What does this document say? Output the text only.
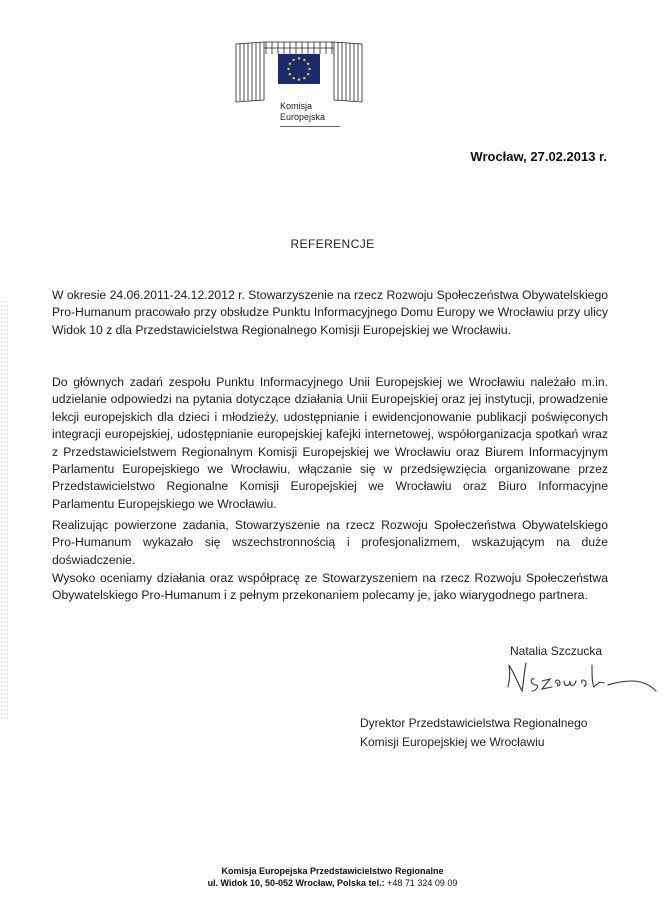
Komisja
Europejska
Wrocław, 27.02.2013 r.
REFERENCJE

W okresie 24.06.2011-24.12.2012 r. Stowarzyszenie na rzecz Rozwoju Społeczeństwa Obywatelskiego Pro-Humanum pracowało przy obsłudze Punktu Informacyjnego Domu Europy we Wrocławiu przy ulicy Widok 10 z dla Przedstawicielstwa Regionalnego Komisji Europejskiej we Wrocławiu.

Do głównych zadań zespołu Punktu Informacyjnego Unii Europejskiej we Wrocławiu należało m.in. udzielanie odpowiedzi na pytania dotyczące działania Unii Europejskiej oraz jej instytucji, prowadzenie lekcji europejskich dla dzieci i młodzieży, udostępnianie i ewidencjonowanie publikacji poświęconych integracji europejskiej, udostępnianie europejskiej kafejki internetowej, współorganizacja spotkań wraz z Przedstawicielstwem Regionalnym Komisji Europejskiej we Wrocławiu oraz Biurem Informacyjnym Parlamentu Europejskiego we Wrocławiu, włączanie się w przedsięwzięcia organizowane przez Przedstawicielstwo Regionalne Komisji Europejskiej we Wrocławiu oraz Biuro Informacyjne Parlamentu Europejskiego we Wrocławiu.

Realizując powierzone zadania, Stowarzyszenie na rzecz Rozwoju Społeczeństwa Obywatelskiego Pro-Humanum wykazało się wszechstronnością i profesjonalizmem, wskazującym na duże doświadczenie.

Wysoko oceniamy działania oraz współpracę ze Stowarzyszeniem na rzecz Rozwoju Społeczeństwa Obywatelskiego Pro-Humanum i z pełnym przekonaniem polecamy je, jako wiarygodnego partnera.

Natalia Szczucka
Dyrektor Przedstawicielstwa Regionalnego
Komisji Europejskiej we Wrocławiu
Komisja Europejska Przedstawicielstwo Regionalne
ul. Widok 10, 50-052 Wrocław, Polska tel.: +48 71 324 09 09
